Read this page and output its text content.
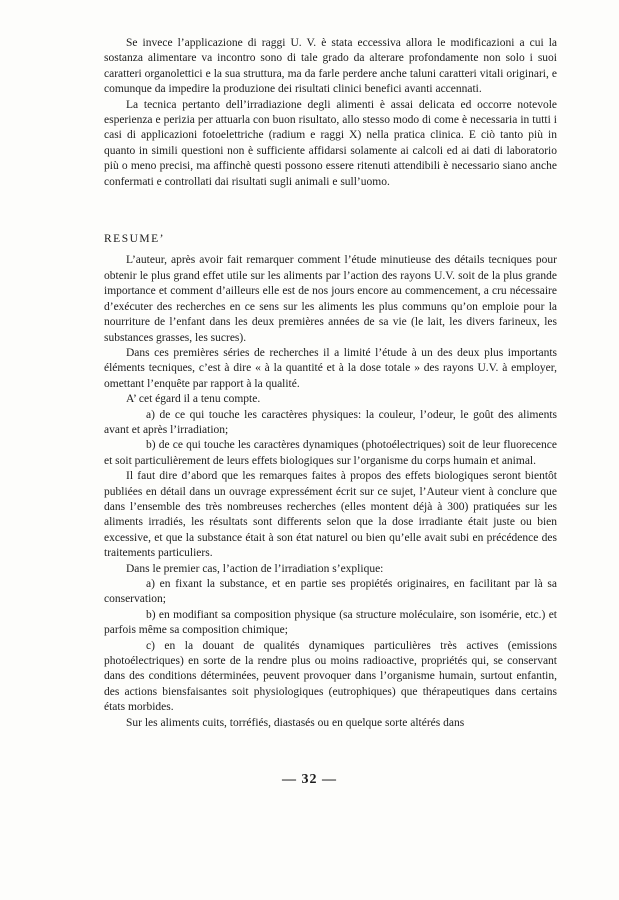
Se invece l’applicazione di raggi U. V. è stata eccessiva allora le modificazioni a cui la sostanza alimentare va incontro sono di tale grado da alterare profondamente non solo i suoi caratteri organolettici e la sua struttura, ma da farle perdere anche taluni caratteri vitali originari, e comunque da impedire la produzione dei risultati clinici benefici avanti accennati.

La tecnica pertanto dell’irradiazione degli alimenti è assai delicata ed occorre notevole esperienza e perizia per attuarla con buon risultato, allo stesso modo di come è necessaria in tutti i casi di applicazioni fotoelettriche (radium e raggi X) nella pratica clinica. E ciò tanto più in quanto in simili questioni non è sufficiente affidarsi solamente ai calcoli ed ai dati di laboratorio più o meno precisi, ma affinchè questi possono essere ritenuti attendibili è necessario siano anche confermati e controllati dai risultati sugli animali e sull’uomo.

RESUME’

L’auteur, après avoir fait remarquer comment l’étude minutieuse des détails tecniques pour obtenir le plus grand effet utile sur les aliments par l’action des rayons U.V. soit de la plus grande importance et comment d’ailleurs elle est de nos jours encore au commencement, a cru nécessaire d’exécuter des recherches en ce sens sur les aliments les plus communs qu’on emploie pour la nourriture de l’enfant dans les deux premières années de sa vie (le lait, les divers farineux, les substances grasses, les sucres).

Dans ces premières séries de recherches il a limité l’étude à un des deux plus importants éléments tecniques, c’est à dire « à la quantité et à la dose totale » des rayons U.V. à employer, omettant l’enquête par rapport à la qualité.

A’ cet égard il a tenu compte.

a) de ce qui touche les caractères physiques: la couleur, l’odeur, le goût des aliments avant et après l’irradiation;

b) de ce qui touche les caractères dynamiques (photoélectriques) soit de leur fluorecence et soit particulièrement de leurs effets biologiques sur l’organisme du corps humain et animal.

Il faut dire d’abord que les remarques faites à propos des effets biologiques seront bientôt publiées en détail dans un ouvrage expressément écrit sur ce sujet, l’Auteur vient à conclure que dans l’ensemble des très nombreuses recherches (elles montent déjà à 300) pratiquées sur les aliments irradiés, les résultats sont differents selon que la dose irradiante était juste ou bien excessive, et que la substance était à son état naturel ou bien qu’elle avait subi en précédence des traitements particuliers.

Dans le premier cas, l’action de l’irradiation s’explique:

a) en fixant la substance, et en partie ses propiétés originaires, en facilitant par là sa conservation;

b) en modifiant sa composition physique (sa structure moléculaire, son isomérie, etc.) et parfois même sa composition chimique;

c) en la douant de qualités dynamiques particulières très actives (emissions photoélectriques) en sorte de la rendre plus ou moins radioactive, propriétés qui, se conservant dans des conditions déterminées, peuvent provoquer dans l’organisme humain, surtout enfantin, des actions biensfaisantes soit physiologiques (eutrophiques) que thérapeutiques dans certains états morbides.

Sur les aliments cuits, torréfiés, diastasés ou en quelque sorte altérés dans

— 32 —
